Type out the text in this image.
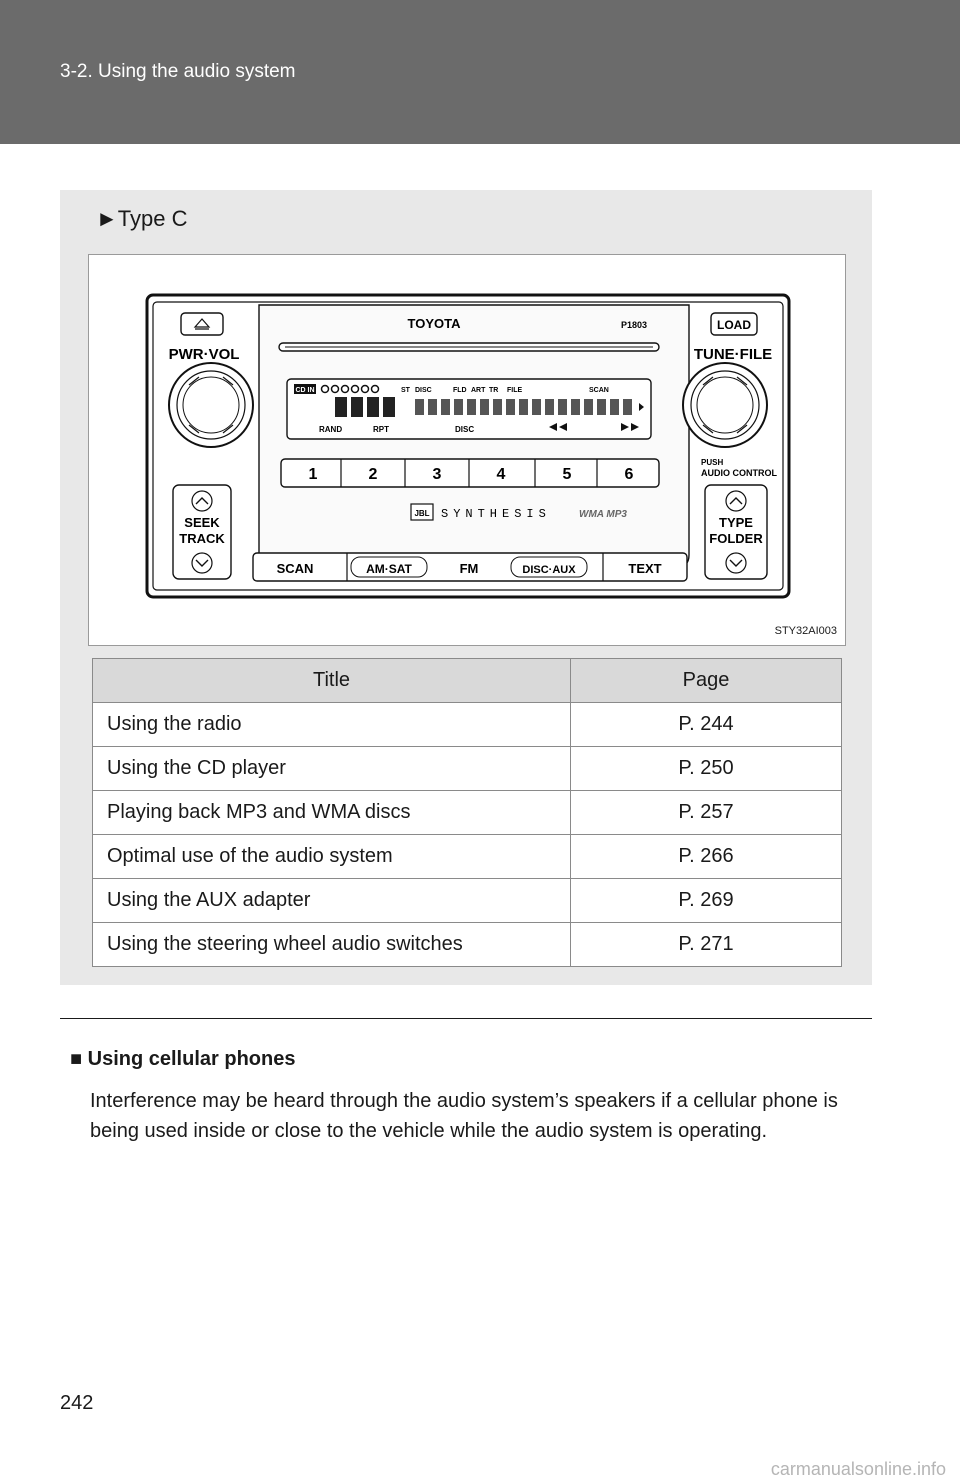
3-2. Using the audio system
►Type C
TOYOTA	P1803	LOAD
PWR·VOL	TUNE·FILE
CD IN	ST DISC	FLD ART TR FILE	SCAN
RAND	RPT	DISC
1	2	3	4	5	6
PUSH
AUDIO CONTROL
SEEK
TRACK
TYPE
FOLDER
JBL SYNTHESIS	WMA MP3
SCAN	AM·SAT	FM	DISC·AUX	TEXT
STY32AI003
Title	Page
Using the radio	P. 244
Using the CD player	P. 250
Playing back MP3 and WMA discs	P. 257
Optimal use of the audio system	P. 266
Using the AUX adapter	P. 269
Using the steering wheel audio switches	P. 271
■ Using cellular phones
Interference may be heard through the audio system’s speakers if a cellular phone is being used inside or close to the vehicle while the audio system is operating.
242
carmanualsonline.info
